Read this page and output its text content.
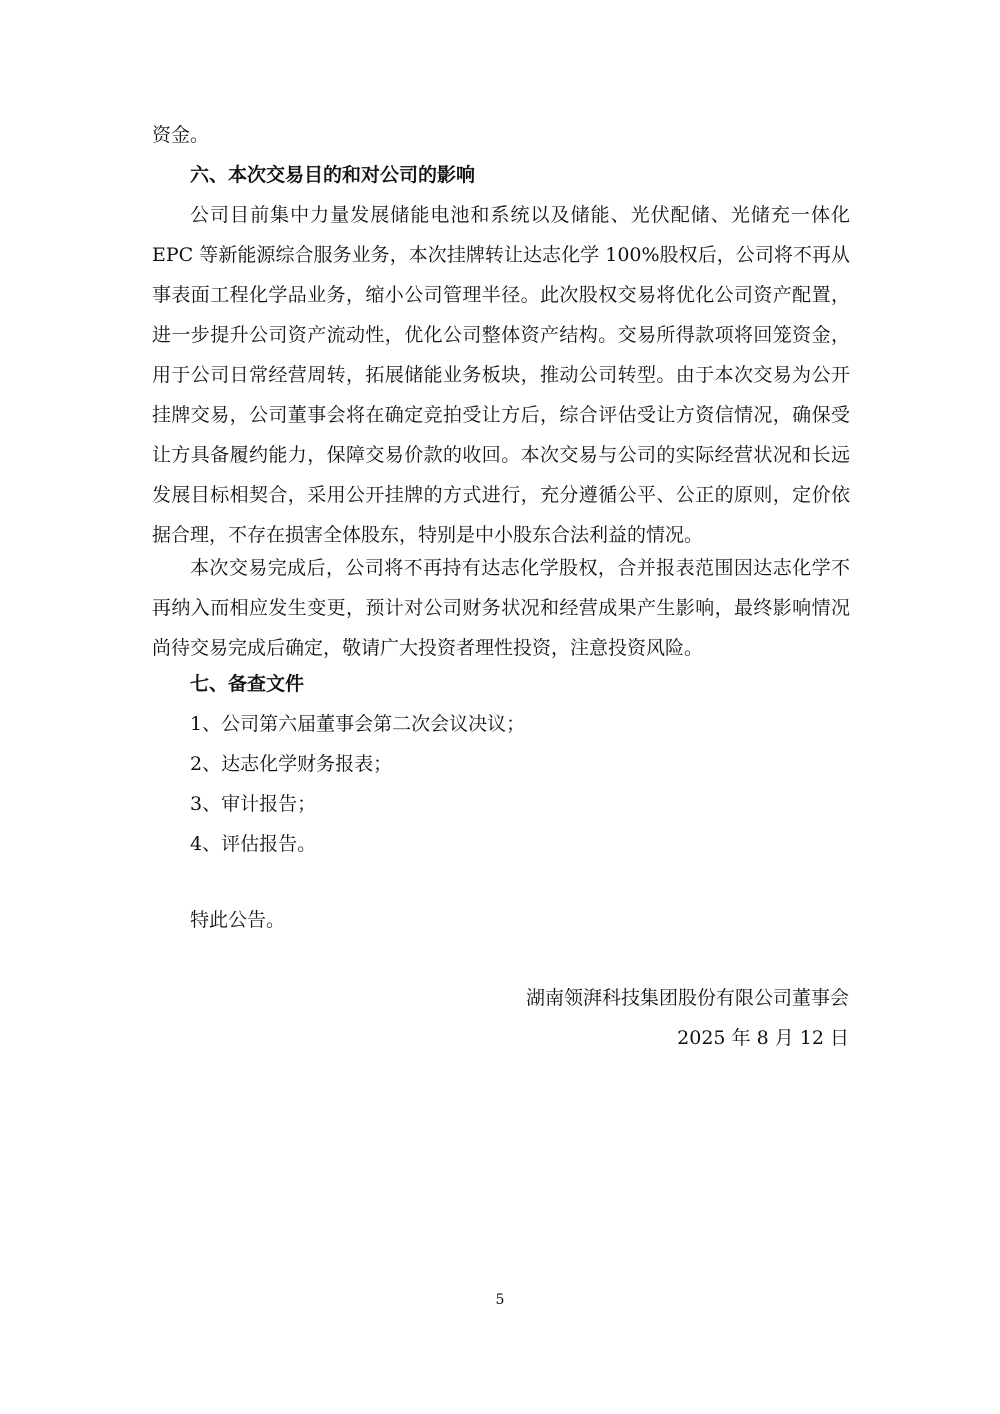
资金。

六、本次交易目的和对公司的影响

公司目前集中力量发展储能电池和系统以及储能、光伏配储、光储充一体化 EPC 等新能源综合服务业务，本次挂牌转让达志化学 100%股权后，公司将不再从事表面工程化学品业务，缩小公司管理半径。此次股权交易将优化公司资产配置，进一步提升公司资产流动性，优化公司整体资产结构。交易所得款项将回笼资金，用于公司日常经营周转，拓展储能业务板块，推动公司转型。由于本次交易为公开挂牌交易，公司董事会将在确定竞拍受让方后，综合评估受让方资信情况，确保受让方具备履约能力，保障交易价款的收回。本次交易与公司的实际经营状况和长远发展目标相契合，采用公开挂牌的方式进行，充分遵循公平、公正的原则，定价依据合理，不存在损害全体股东，特别是中小股东合法利益的情况。

本次交易完成后，公司将不再持有达志化学股权，合并报表范围因达志化学不再纳入而相应发生变更，预计对公司财务状况和经营成果产生影响，最终影响情况尚待交易完成后确定，敬请广大投资者理性投资，注意投资风险。

七、备查文件

1、公司第六届董事会第二次会议决议；

2、达志化学财务报表；

3、审计报告；

4、评估报告。

特此公告。

湖南领湃科技集团股份有限公司董事会

2025 年 8 月 12 日

5
